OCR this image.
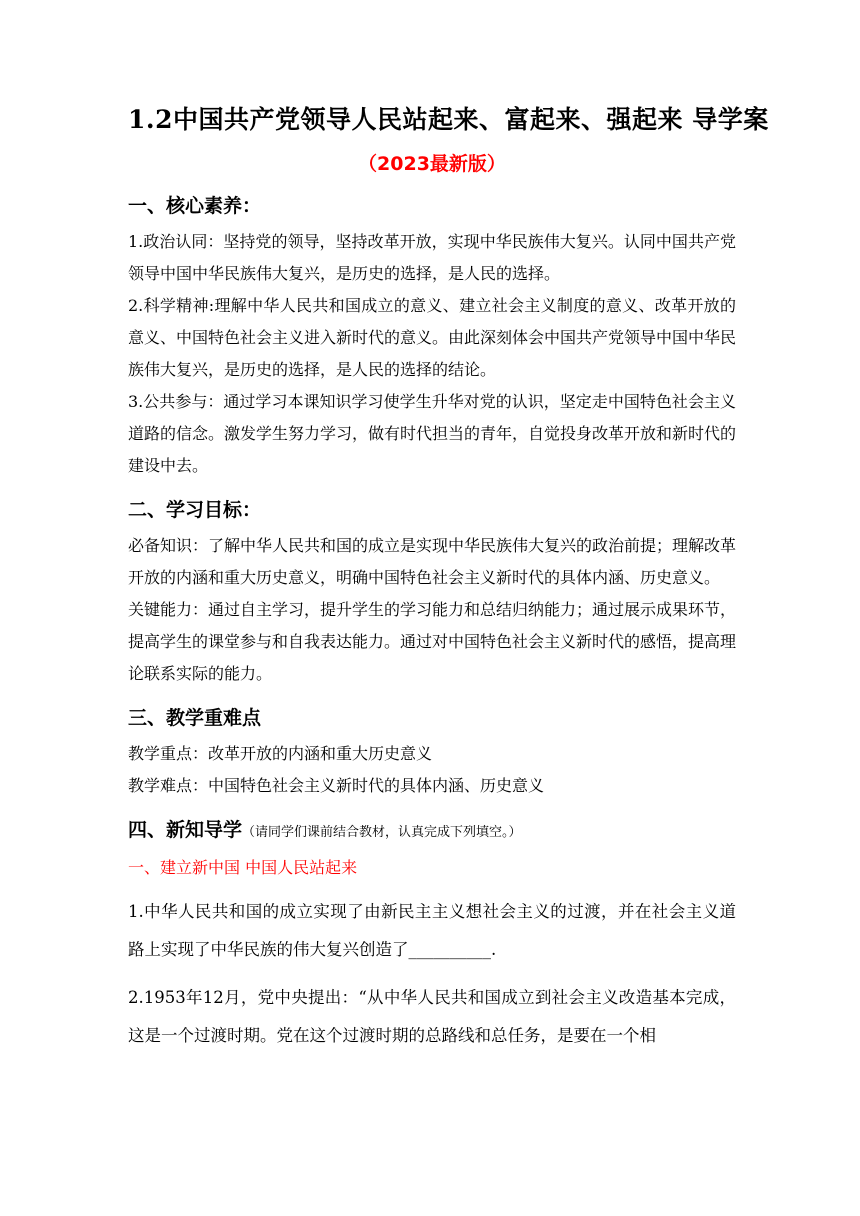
1.2中国共产党领导人民站起来、富起来、强起来 导学案
（2023最新版）
一、核心素养：

1.政治认同：坚持党的领导，坚持改革开放，实现中华民族伟大复兴。认同中国共产党领导中国中华民族伟大复兴，是历史的选择，是人民的选择。

2.科学精神:理解中华人民共和国成立的意义、建立社会主义制度的意义、改革开放的意义、中国特色社会主义进入新时代的意义。由此深刻体会中国共产党领导中国中华民族伟大复兴，是历史的选择，是人民的选择的结论。

3.公共参与：通过学习本课知识学习使学生升华对党的认识，坚定走中国特色社会主义道路的信念。激发学生努力学习，做有时代担当的青年，自觉投身改革开放和新时代的建设中去。

二、学习目标：

必备知识：了解中华人民共和国的成立是实现中华民族伟大复兴的政治前提；理解改革开放的内涵和重大历史意义，明确中国特色社会主义新时代的具体内涵、历史意义。

关键能力：通过自主学习，提升学生的学习能力和总结归纳能力；通过展示成果环节，提高学生的课堂参与和自我表达能力。通过对中国特色社会主义新时代的感悟，提高理论联系实际的能力。

三、教学重难点

教学重点：改革开放的内涵和重大历史意义

教学难点：中国特色社会主义新时代的具体内涵、历史意义

四、新知导学（请同学们课前结合教材，认真完成下列填空。）
一、建立新中国 中国人民站起来

1.中华人民共和国的成立实现了由新民主主义想社会主义的过渡，并在社会主义道路上实现了中华民族的伟大复兴创造了__________.

2.1953年12月，党中央提出：“从中华人民共和国成立到社会主义改造基本完成，这是一个过渡时期。党在这个过渡时期的总路线和总任务，是要在一个相
